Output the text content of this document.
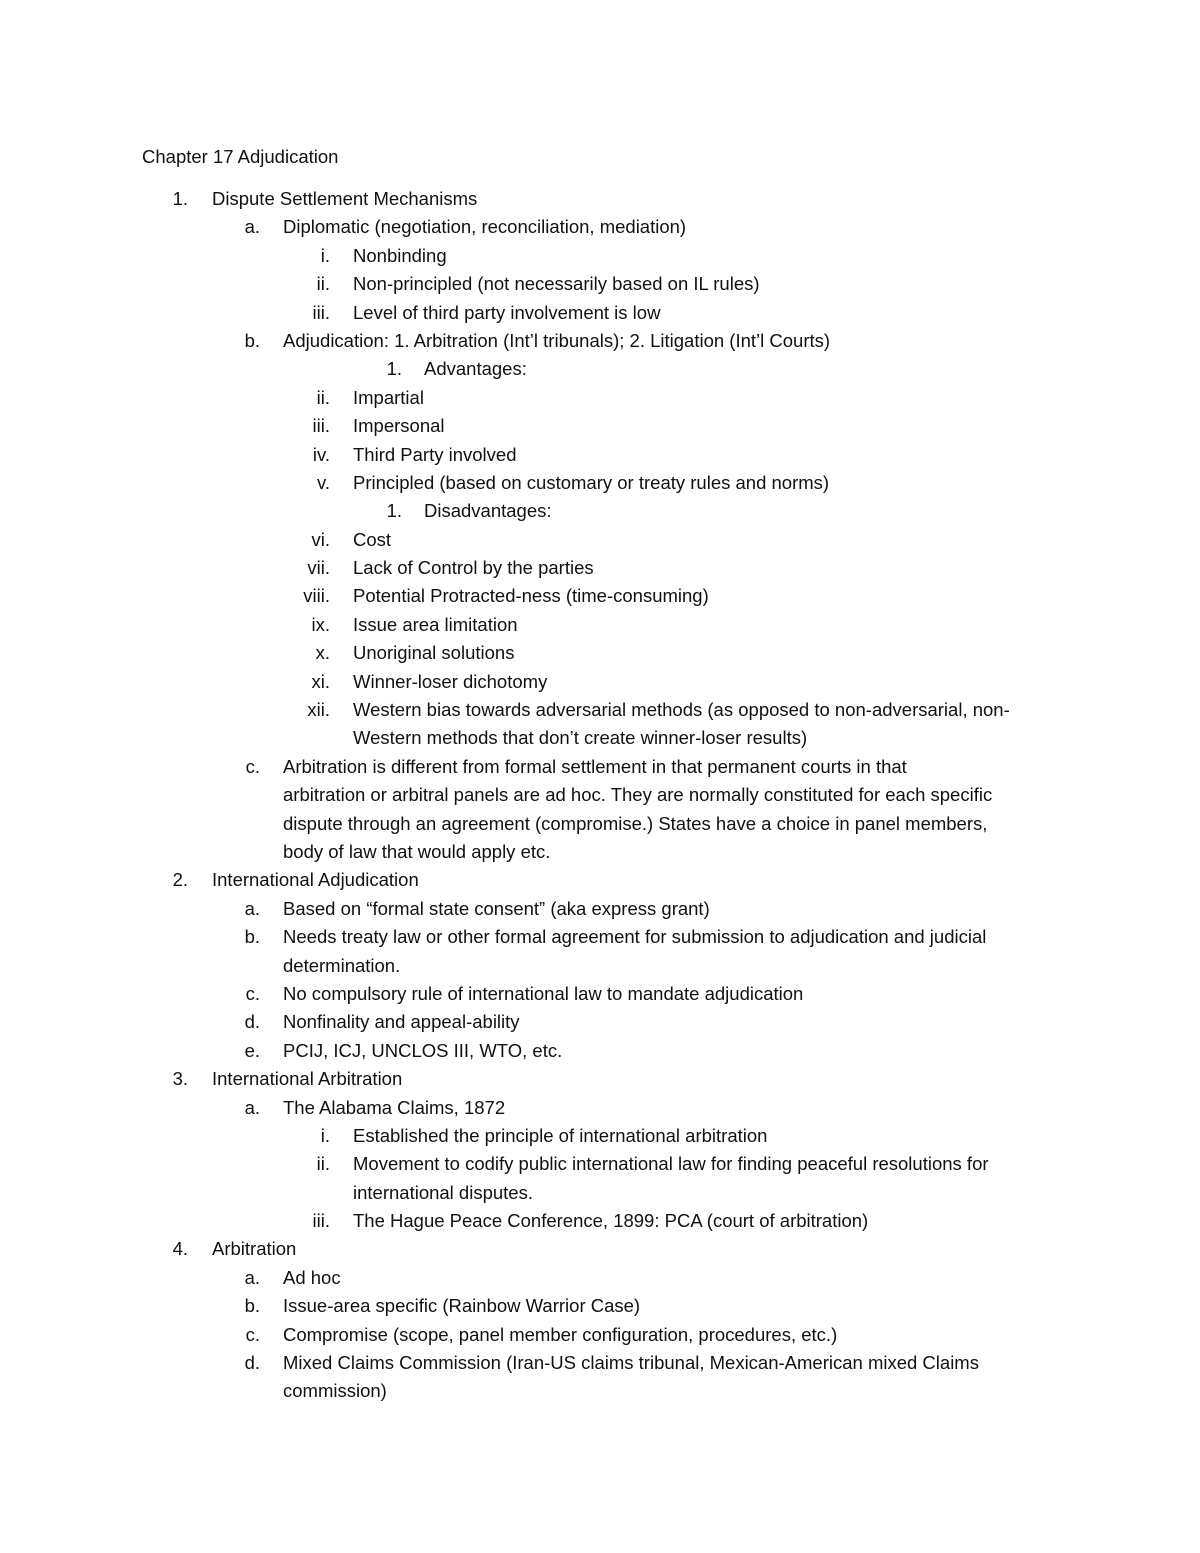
Chapter 17 Adjudication
1. Dispute Settlement Mechanisms
a. Diplomatic (negotiation, reconciliation, mediation)
i. Nonbinding
ii. Non-principled (not necessarily based on IL rules)
iii. Level of third party involvement is low
b. Adjudication: 1. Arbitration (Int’l tribunals); 2. Litigation (Int’l Courts)
1. Advantages:
ii. Impartial
iii. Impersonal
iv. Third Party involved
v. Principled (based on customary or treaty rules and norms)
1. Disadvantages:
vi. Cost
vii. Lack of Control by the parties
viii. Potential Protracted-ness (time-consuming)
ix. Issue area limitation
x. Unoriginal solutions
xi. Winner-loser dichotomy
xii. Western bias towards adversarial methods (as opposed to non-adversarial, non-
Western methods that don’t create winner-loser results)
c. Arbitration is different from formal settlement in that permanent courts in that
arbitration or arbitral panels are ad hoc. They are normally constituted for each specific
dispute through an agreement (compromise.) States have a choice in panel members,
body of law that would apply etc.
2. International Adjudication
a. Based on “formal state consent” (aka express grant)
b. Needs treaty law or other formal agreement for submission to adjudication and judicial
determination.
c. No compulsory rule of international law to mandate adjudication
d. Nonfinality and appeal-ability
e. PCIJ, ICJ, UNCLOS III, WTO, etc.
3. International Arbitration
a. The Alabama Claims, 1872
i. Established the principle of international arbitration
ii. Movement to codify public international law for finding peaceful resolutions for
international disputes.
iii. The Hague Peace Conference, 1899: PCA (court of arbitration)
4. Arbitration
a. Ad hoc
b. Issue-area specific (Rainbow Warrior Case)
c. Compromise (scope, panel member configuration, procedures, etc.)
d. Mixed Claims Commission (Iran-US claims tribunal, Mexican-American mixed Claims
commission)
